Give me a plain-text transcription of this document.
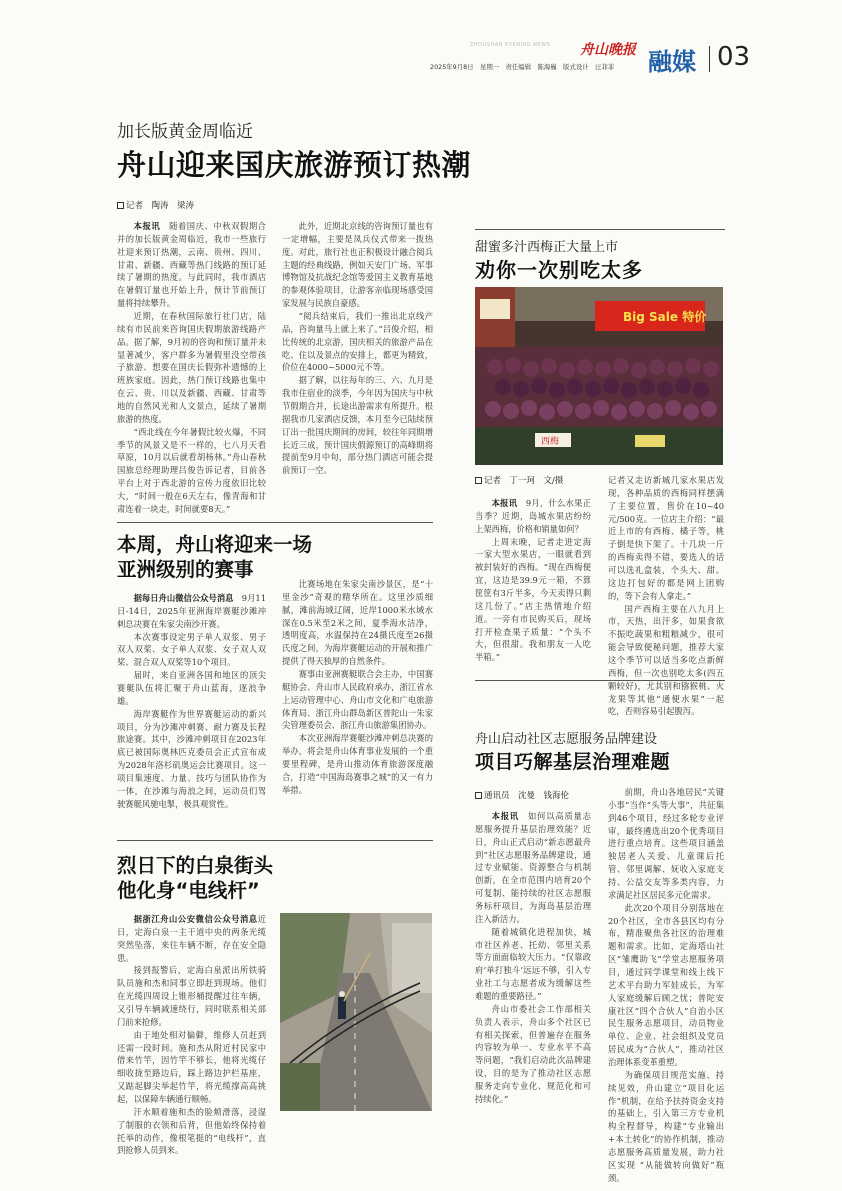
ZHOUSHAN EVENING NEWS 舟山晚报
2025年9月8日　星期一　责任编辑　陈海巍　版式设计　汪菲菲 融媒 03
加长版黄金周临近
舟山迎来国庆旅游预订热潮
记者　陶涛　梁涛

本报讯　 随着国庆、中秋双假期合并的加长版黄金周临近，我市一些旅行社迎来预订热潮，云南、贵州、四川、甘肃、新疆、西藏等热门线路的预订延续了暑期的热度。与此同时，我市酒店在暑假订量也开始上升，预计节前预订量将持续攀升。

近期，在春秋国际旅行社门店，陆续有市民前来咨询国庆假期旅游线路产品。据了解，9月初的咨询和预订量并未显著减少，客户群多为暑假里没空带孩子旅游、想要在国庆长假弥补遗憾的上班族家庭。因此，热门预订线路也集中在云、贵、川以及新疆、西藏、甘肃等地的自然风光和人文景点，延续了暑期旅游的热度。

“西北线在今年暑假比较火爆，不同季节的风景又是不一样的，七八月天看草原，10月以后就看胡杨林。”舟山春秋国旅总经理助理吕俊告诉记者，目前各平台上对于西北游的宣传力度依旧比较大，“时间一般在6天左右，像青海和甘肃连着一块走，时间就要8天。”

此外，近期北京线的咨询预订量也有一定增幅，主要是凤兵仪式带来一拨热度。对此，旅行社也正积极设计融合阅兵主题的经典线路，例如天安门广场、军事博物馆及抗战纪念馆等爱国主义教育基地的参观体验项目，让游客亲临现场感受国家发展与民族自豪感。

“阅兵结束后，我们一推出北京线产品，咨询量马上就上来了。”吕俊介绍，相比传统的北京游，国庆相关的旅游产品在吃、住以及景点的安排上，都更为精致，价位在4000~5000元不等。

据了解，以往每年的三、六、九月是我市住宿业的淡季，今年因为国庆与中秋节假期合并，长途出游需求有所提升。根据我市几家酒店反馈，本月至今已陆续预订出一批国庆期间的房间，较往年同期增长近三成，预计国庆假源预订的高峰期将提前至9月中旬，部分热门酒店可能会提前预订一空。

本周，舟山将迎来一场
亚洲级别的赛事

据每日舟山微信公众号消息　 9月11日-14日，2025年亚洲海岸赛艇沙滩冲刺总决赛在朱家尖南沙开赛。

本次赛事设定男子单人双浆、男子双人双桨、女子单人双浆、女子双人双桨、混合双人双桨等10个项目。

届时，来自亚洲各国和地区的顶尖赛艇队伍将汇聚于舟山蓝海，逐浪争雄。

海岸赛艇作为世界赛艇运动的新兴项目，分为沙滩冲刺赛、耐力赛及长程旅途赛。其中，沙滩冲刺项目在2023年底已被国际奥林匹克委员会正式宣布成为2028年洛杉矶奥运会比赛项目。这一项目集速度、力量、技巧与团队协作为一体，在沙滩与海浪之间，运动员们驾驶赛艇风驰电掣，极具观赏性。

比赛场地在朱家尖南沙景区，是“十里金沙”奇观的精华所在。这里沙质细腻，滩前海域辽阔，近岸1000米水域水深在0.5米至2米之间，夏季海水洁净，透明度高，水温保持在24摄氏度至26摄氏度之间，为海岸赛艇运动的开展和推广提供了得天独厚的自然条件。

赛事由亚洲赛艇联合会主办，中国赛艇协会、舟山市人民政府承办，浙江省水上运动管理中心、舟山市文化和广电旅游体育局、浙江舟山群岛新区普陀山一朱家尖管理委员会、浙江舟山旅游集团协办。

本次亚洲海岸赛艇沙滩冲刺总决赛的举办，将会是舟山体育事业发展的一个重要里程碑，是舟山推动体育旅游深度融合，打造“中国海岛赛事之城”的又一有力举措。

烈日下的白泉街头
他化身“电线杆”

据浙江舟山公安微信公众号消息近日，定海白泉一主干道中央的两条光缆突然坠落，来往车辆不断，存在安全隐患。

接到报警后，定海白泉派出所铁骑队员施和杰和同事立即赶到现场。他们在光缆四周设上锥形桶提醒过往车辆，又引导车辆减速绕行，同时联系相关部门前来抢修。

由于地处相对偏僻，维修人员赶到还需一段时间。施和杰从附近村民家中借来竹竿，因竹竿不够长，他将光缆仔细收拢至路边后，踩上路边护栏基座，又踮起脚尖举起竹竿，将光缆撑高高挑起，以保障车辆通行顺畅。

汗水顺着施和杰的脸颊滑落，浸湿了制服的衣领和后背，但他始终保持着托举的动作，像根笔挺的“电线杆”，直到抢修人员到来。

甜蜜多汁西梅正大量上市
劝你一次别吃太多
Big Sale 特价
西梅
记者　丁一珂　文/摄

本报讯　 9月，什么水果正当季？近期，岛城水果店纷纷上架西梅，价格和销量如何？

上周末晚，记者走进定海一家大型水果店，一眼就看到被封装好的西梅。“现在西梅便宜，这边是39.9元一箱，不算筐筐有3斤半多，今天卖得只剩这几份了。”店主热情地介绍道。一旁有市民购买后，现场打开检查果子质量：“个头不大，但很甜。我和朋友一人吃半箱。”

记者又走访新城几家水果店发现，各种品质的西梅同样摆满了主要位置，售价在10~40元/500克。一位店主介绍：“最近上市的有西梅、橘子等，桃子倒是快下架了。十几块一斤的西梅卖得不错，要选人的话可以选礼盒装，个头大、甜。这边打包好的都是网上团购的，等下会有人拿走。”

国产西梅主要在八九月上市，天热，出汗多，如果食欲不振吃蔬果和粗粮减少，很可能会导致便秘问题，推荐大家这个季节可以适当多吃点新鲜西梅，但一次也别吃太多(四五颗较好)，尤其别和猕猴桃、火龙果等其他“通便水果”一起吃，否则容易引起腹泻。

舟山启动社区志愿服务品牌建设
项目巧解基层治理难题
通讯员　沈曼　钱海伦

本报讯　 如何以高质量志愿服务提升基层治理效能？近日，舟山正式启动“新志愿最舟到”社区志愿服务品牌建设，通过专业赋能、资源整合与机制创新，在全市范围内培育20个可复制、能持续的社区志愿服务标杆项目，为海岛基层治理注入新活力。

随着城镇化进程加快，城市社区养老、托幼、邻里关系等方面面临较大压力。“仅靠政府‘单打独斗’远远不够，引入专业社工与志愿者成为缓解这些难题的重要路径。”

舟山市委社会工作部相关负责人表示，舟山多个社区已有相关探索，但普遍存在服务内容较为单一、专业水平不高等问题，“我们启动此次品牌建设，目的是为了推动社区志愿服务走向专业化、规范化和可持续化。”

前期，舟山各地居民“关键小事”当作“头等大事”，共征集到46个项目，经过多轮专业评审，最终遴选出20个优秀项目进行重点培育。这些项目涵盖独居老人关爱、儿童课后托管、邻里调解、妩收入家庭支持、公益交友等多类内容，力求满足社区居民多元化需求。

此次20个项目分别落地在20个社区，全市各县区均有分布，精准聚焦各社区的治理难题和需求。比如，定海塔山社区“雏鹰助飞”学堂志愿服务项目，通过同学课堂和线上线下艺术平台助力军娃成长，为军人家庭缓解后顾之忧；普陀安康社区“四个合伙人”自治小区民生服务志愿项目，动员物业单位、企业、社会组织及党员居民成为“合伙人”，推动社区治理体系变革重塑。

为确保项目规范实施、持续见效，舟山建立“项目化运作”机制，在给予扶持资金支持的基础上，引入第三方专业机构全程督导，构建“专业输出+本土转化”的协作机制，推动志愿服务高质量发展，助力社区实现 “从能做转向做好”瓶颈。
